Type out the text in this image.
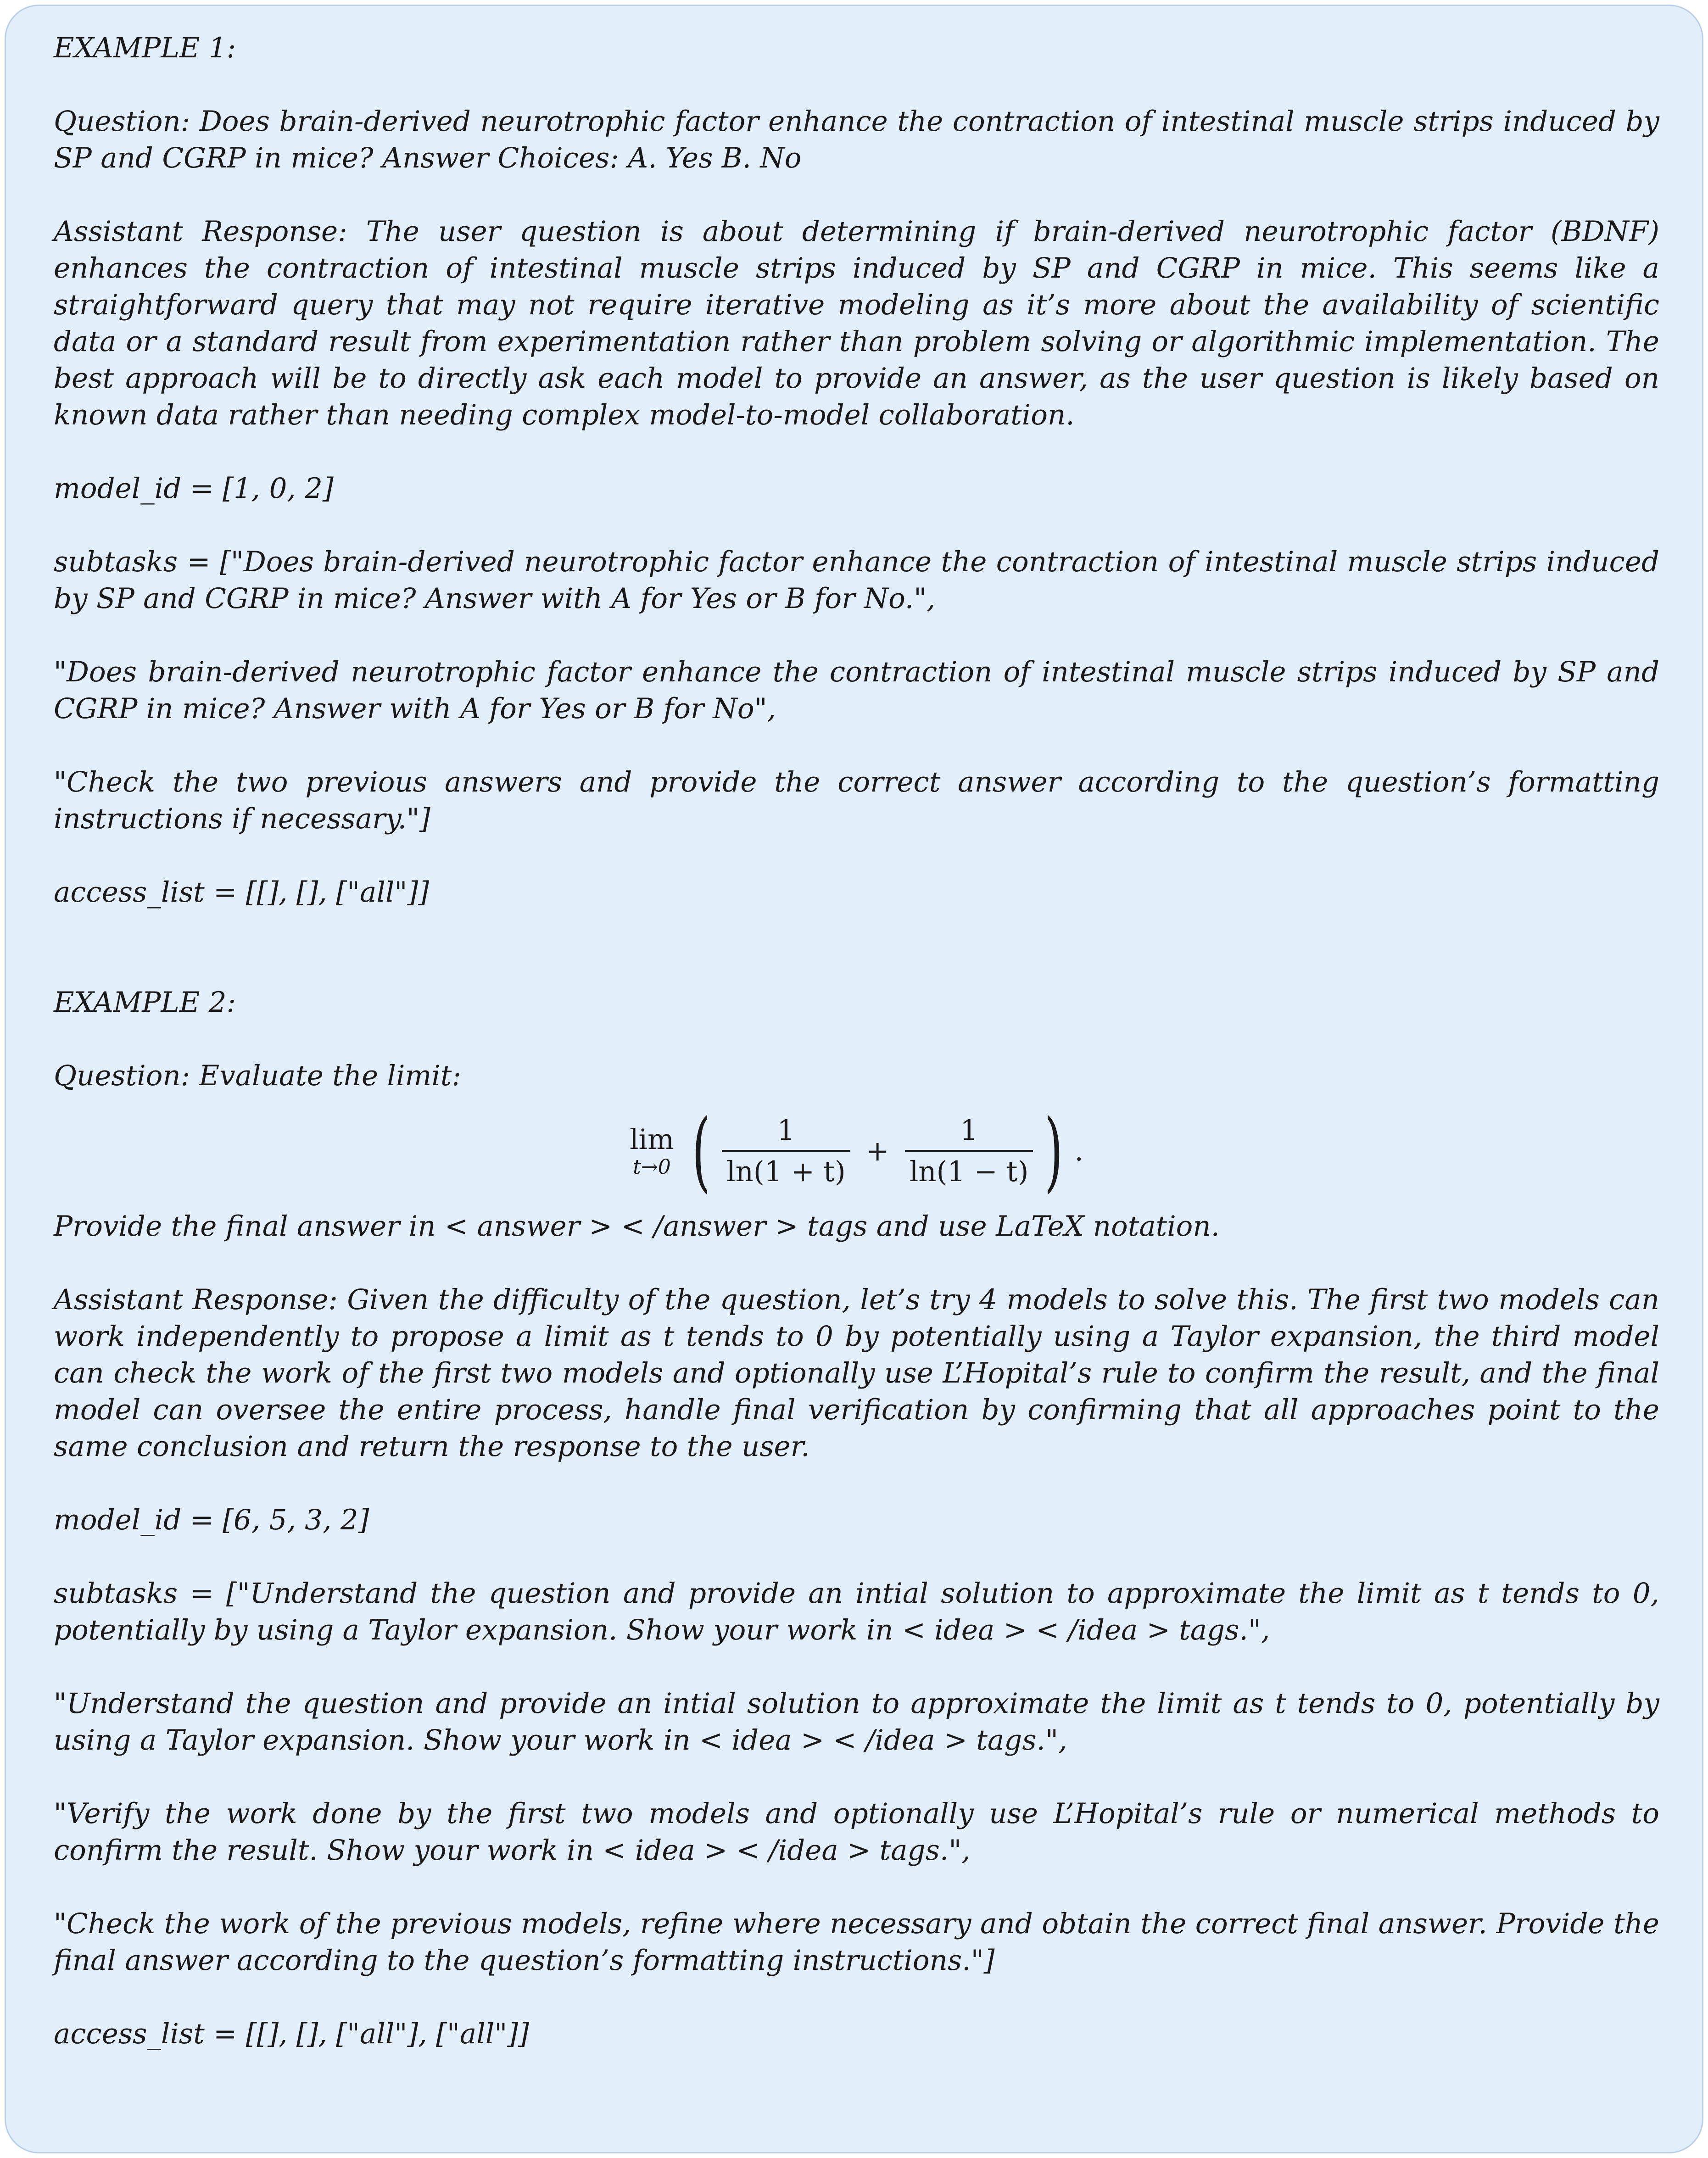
EXAMPLE 1:
Question: Does brain-derived neurotrophic factor enhance the contraction of intestinal muscle strips induced by SP and CGRP in mice? Answer Choices: A. Yes B. No
Assistant Response: The user question is about determining if brain-derived neurotrophic factor (BDNF) enhances the contraction of intestinal muscle strips induced by SP and CGRP in mice. This seems like a straightforward query that may not require iterative modeling as it’s more about the availability of scientific data or a standard result from experimentation rather than problem solving or algorithmic implementation. The best approach will be to directly ask each model to provide an answer, as the user question is likely based on known data rather than needing complex model-to-model collaboration.
model_id = [1, 0, 2]
subtasks = ["Does brain-derived neurotrophic factor enhance the contraction of intestinal muscle strips induced by SP and CGRP in mice? Answer with A for Yes or B for No.",
"Does brain-derived neurotrophic factor enhance the contraction of intestinal muscle strips induced by SP and CGRP in mice? Answer with A for Yes or B for No",
"Check the two previous answers and provide the correct answer according to the question’s formatting instructions if necessary."]
access_list = [[], [], ["all"]]
EXAMPLE 2:
Question: Evaluate the limit:
lim
t→0 ( $\frac{1}{\ln(1 + t)} + \frac{1}{\ln(1 - t)}$ ) .
Provide the final answer in < answer > < /answer > tags and use LaTeX notation.
Assistant Response: Given the difficulty of the question, let’s try 4 models to solve this. The first two models can work independently to propose a limit as t tends to 0 by potentially using a Taylor expansion, the third model can check the work of the first two models and optionally use L’Hopital’s rule to confirm the result, and the final model can oversee the entire process, handle final verification by confirming that all approaches point to the same conclusion and return the response to the user.
model_id = [6, 5, 3, 2]
subtasks = ["Understand the question and provide an intial solution to approximate the limit as t tends to 0, potentially by using a Taylor expansion. Show your work in < idea > < /idea > tags.",
"Understand the question and provide an intial solution to approximate the limit as t tends to 0, potentially by using a Taylor expansion. Show your work in < idea > < /idea > tags.",
"Verify the work done by the first two models and optionally use L’Hopital’s rule or numerical methods to confirm the result. Show your work in < idea > < /idea > tags.",
"Check the work of the previous models, refine where necessary and obtain the correct final answer. Provide the final answer according to the question’s formatting instructions."]
access_list = [[], [], ["all"], ["all"]]
